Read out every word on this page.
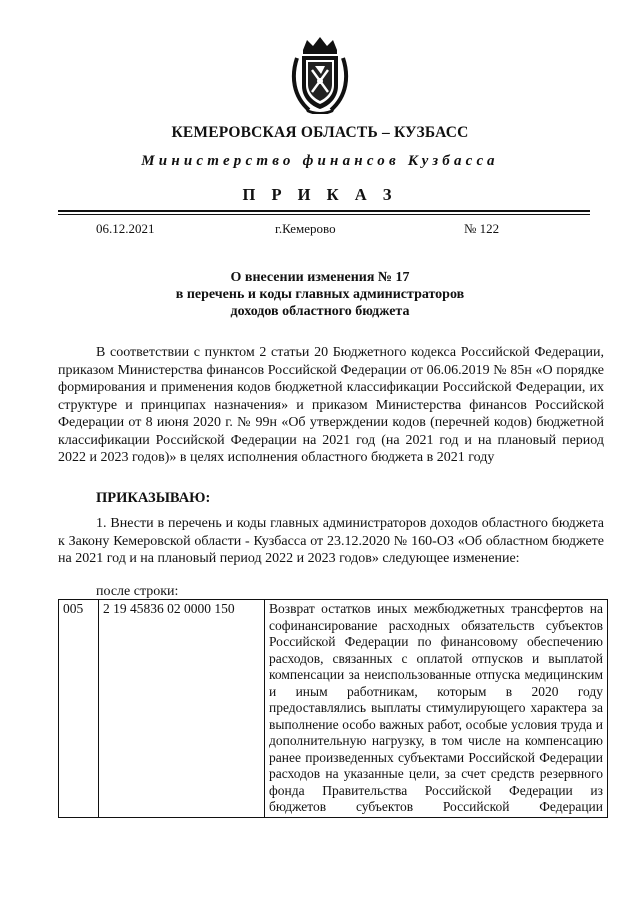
КЕМЕРОВСКАЯ ОБЛАСТЬ – КУЗБАСС
Министерство финансов Кузбасса
П Р И К А З
06.12.2021	г.Кемерово	№ 122
О внесении изменения № 17
в перечень и коды главных администраторов
доходов областного бюджета
В соответствии с пунктом 2 статьи 20 Бюджетного кодекса Российской Федерации, приказом Министерства финансов Российской Федерации от 06.06.2019 № 85н «О порядке формирования и применения кодов бюджетной классификации Российской Федерации, их структуре и принципах назначения» и приказом Министерства финансов Российской Федерации от 8 июня 2020 г. № 99н «Об утверждении кодов (перечней кодов) бюджетной классификации Российской Федерации на 2021 год (на 2021 год и на плановый период 2022 и 2023 годов)» в целях исполнения областного бюджета в 2021 году
ПРИКАЗЫВАЮ:
1. Внести в перечень и коды главных администраторов доходов областного бюджета к Закону Кемеровской области - Кузбасса от 23.12.2020 № 160-ОЗ «Об областном бюджете на 2021 год и на плановый период 2022 и 2023 годов» следующее изменение:
после строки:
005	2 19 45836 02 0000 150	Возврат остатков иных межбюджетных трансфертов на софинансирование расходных обязательств субъектов Российской Федерации по финансовому обеспечению расходов, связанных с оплатой отпусков и выплатой компенсации за неиспользованные отпуска медицинским и иным работникам, которым в 2020 году предоставлялись выплаты стимулирующего характера за выполнение особо важных работ, особые условия труда и дополнительную нагрузку, в том числе на компенсацию ранее произведенных субъектами Российской Федерации расходов на указанные цели, за счет средств резервного фонда Правительства Российской Федерации из бюджетов субъектов Российской Федерации
